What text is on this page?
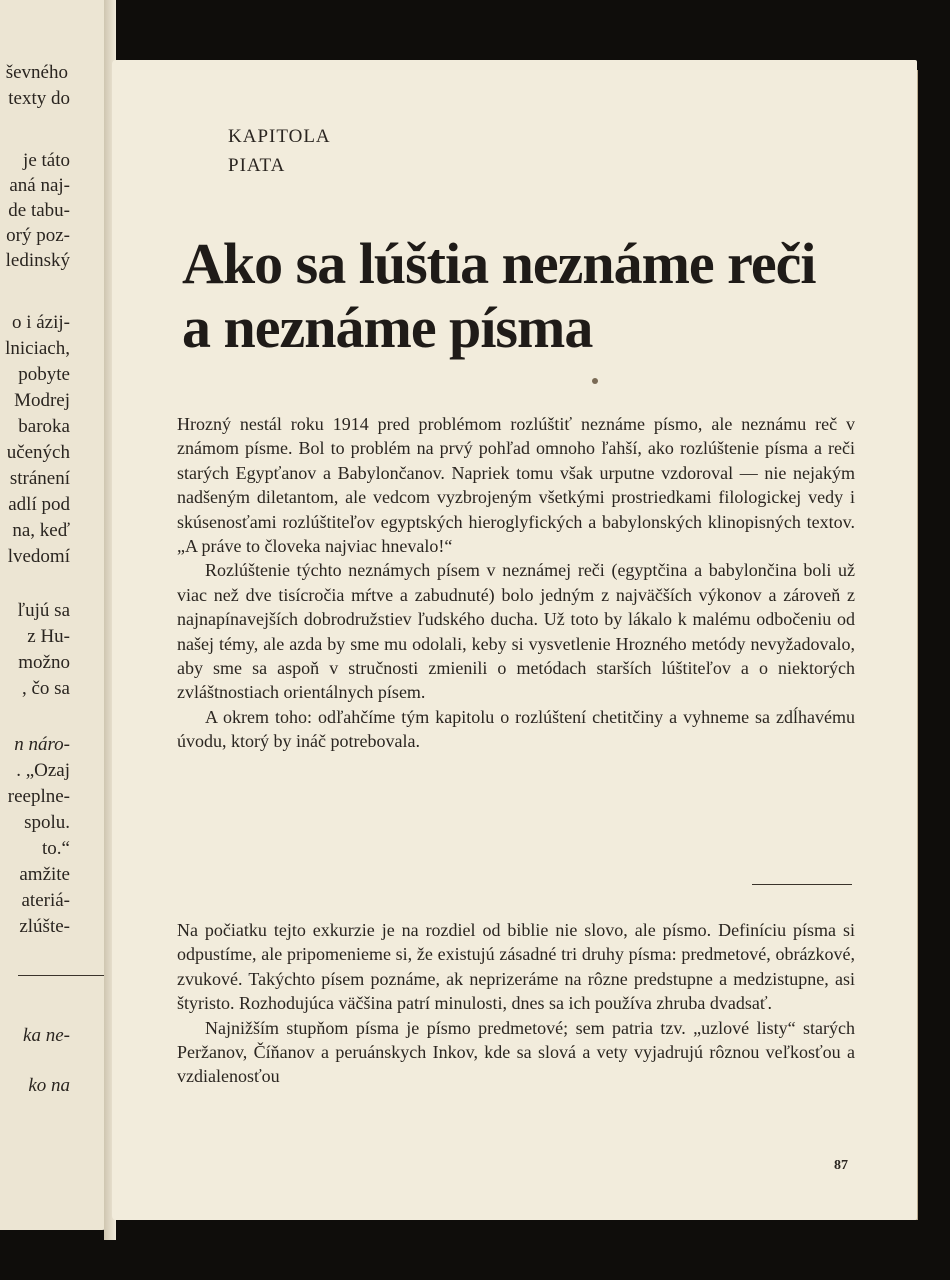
ševného
texty do
je táto
aná naj-
de tabu-
orý poz-
ledinský
o i ázij-
lniciach,
pobyte
Modrej
baroka
učených
stránení
adlí pod
na, keď
lvedomí
ľujú sa
z Hu-
možno
, čo sa
n náro-
. „Ozaj
reeplne-
spolu.
to.“
amžite
ateriá-
zlúšte-
ka ne-
ko na
KAPITOLA
PIATA
Ako sa lúštia neznáme reči
a neznáme písma

Hrozný nestál roku 1914 pred problémom rozlúštiť neznáme písmo, ale neznámu reč v známom písme. Bol to problém na prvý pohľad omnoho ľahší, ako rozlúštenie písma a reči starých Egypťanov a Babylončanov. Napriek tomu však urputne vzdoroval — nie nejakým nadšeným diletantom, ale vedcom vyzbrojeným všetkými prostriedkami filologickej vedy i skúsenosťami rozlúštiteľov egyptských hieroglyfických a babylonských klinopisných textov. „A práve to človeka najviac hnevalo!“

Rozlúštenie týchto neznámych písem v neznámej reči (egyptčina a babylončina boli už viac než dve tisícročia mŕtve a zabudnuté) bolo jedným z najväčších výkonov a zároveň z najnapínavejších dobrodružstiev ľudského ducha. Už toto by lákalo k malému odbočeniu od našej témy, ale azda by sme mu odolali, keby si vysvetlenie Hrozného metódy nevyžadovalo, aby sme sa aspoň v stručnosti zmienili o metódach starších lúštiteľov a o niektorých zvláštnostiach orientálnych písem.

A okrem toho: odľahčíme tým kapitolu o rozlúštení chetitčiny a vyhneme sa zdĺhavému úvodu, ktorý by ináč potrebovala.

Na počiatku tejto exkurzie je na rozdiel od biblie nie slovo, ale písmo. Definíciu písma si odpustíme, ale pripomenieme si, že existujú zásadné tri druhy písma: predmetové, obrázkové, zvukové. Takýchto písem poznáme, ak neprizeráme na rôzne predstupne a medzistupne, asi štyristo. Rozhodujúca väčšina patrí minulosti, dnes sa ich používa zhruba dvadsať.

Najnižším stupňom písma je písmo predmetové; sem patria tzv. „uzlové listy“ starých Peržanov, Číňanov a peruánskych Inkov, kde sa slová a vety vyjadrujú rôznou veľkosťou a vzdialenosťou

87
